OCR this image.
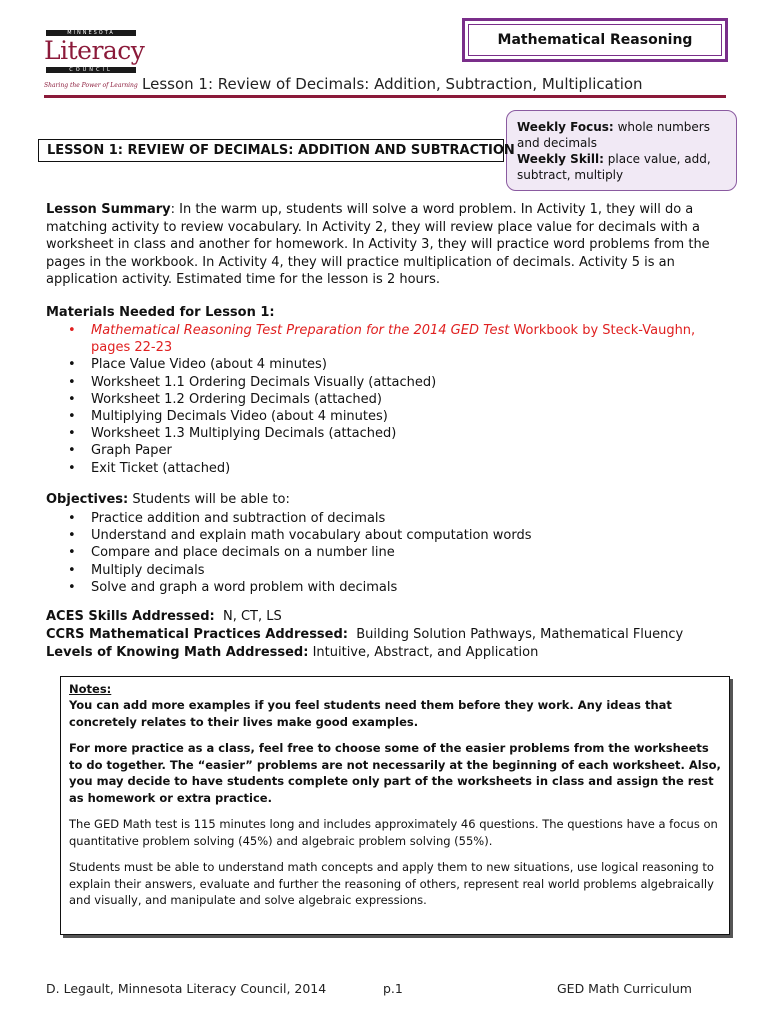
MINNESOTA
Literacy
COUNCIL
Sharing the Power of Learning Lesson 1: Review of Decimals: Addition, Subtraction, Multiplication
Mathematical Reasoning
Weekly Focus: whole numbers and decimals
Weekly Skill: place value, add, subtract, multiply
LESSON 1: REVIEW OF DECIMALS: ADDITION AND SUBTRACTION
Lesson Summary: In the warm up, students will solve a word problem. In Activity 1, they will do a matching activity to review vocabulary. In Activity 2, they will review place value for decimals with a worksheet in class and another for homework. In Activity 3, they will practice word problems from the pages in the workbook. In Activity 4, they will practice multiplication of decimals. Activity 5 is an application activity. Estimated time for the lesson is 2 hours.
Materials Needed for Lesson 1:
• Mathematical Reasoning Test Preparation for the 2014 GED Test Workbook by Steck-Vaughn, pages 22-23
• Place Value Video (about 4 minutes)
• Worksheet 1.1 Ordering Decimals Visually (attached)
• Worksheet 1.2 Ordering Decimals (attached)
• Multiplying Decimals Video (about 4 minutes)
• Worksheet 1.3 Multiplying Decimals (attached)
• Graph Paper
• Exit Ticket (attached)
Objectives: Students will be able to:
• Practice addition and subtraction of decimals
• Understand and explain math vocabulary about computation words
• Compare and place decimals on a number line
• Multiply decimals
• Solve and graph a word problem with decimals
ACES Skills Addressed:  N, CT, LS
CCRS Mathematical Practices Addressed:  Building Solution Pathways, Mathematical Fluency
Levels of Knowing Math Addressed: Intuitive, Abstract, and Application
Notes:

You can add more examples if you feel students need them before they work. Any ideas that concretely relates to their lives make good examples.

For more practice as a class, feel free to choose some of the easier problems from the worksheets to do together. The “easier” problems are not necessarily at the beginning of each worksheet. Also, you may decide to have students complete only part of the worksheets in class and assign the rest as homework or extra practice.

The GED Math test is 115 minutes long and includes approximately 46 questions. The questions have a focus on quantitative problem solving (45%) and algebraic problem solving (55%).

Students must be able to understand math concepts and apply them to new situations, use logical reasoning to explain their answers, evaluate and further the reasoning of others, represent real world problems algebraically and visually, and manipulate and solve algebraic expressions.

D. Legault, Minnesota Literacy Council, 2014	p.1	GED Math Curriculum
